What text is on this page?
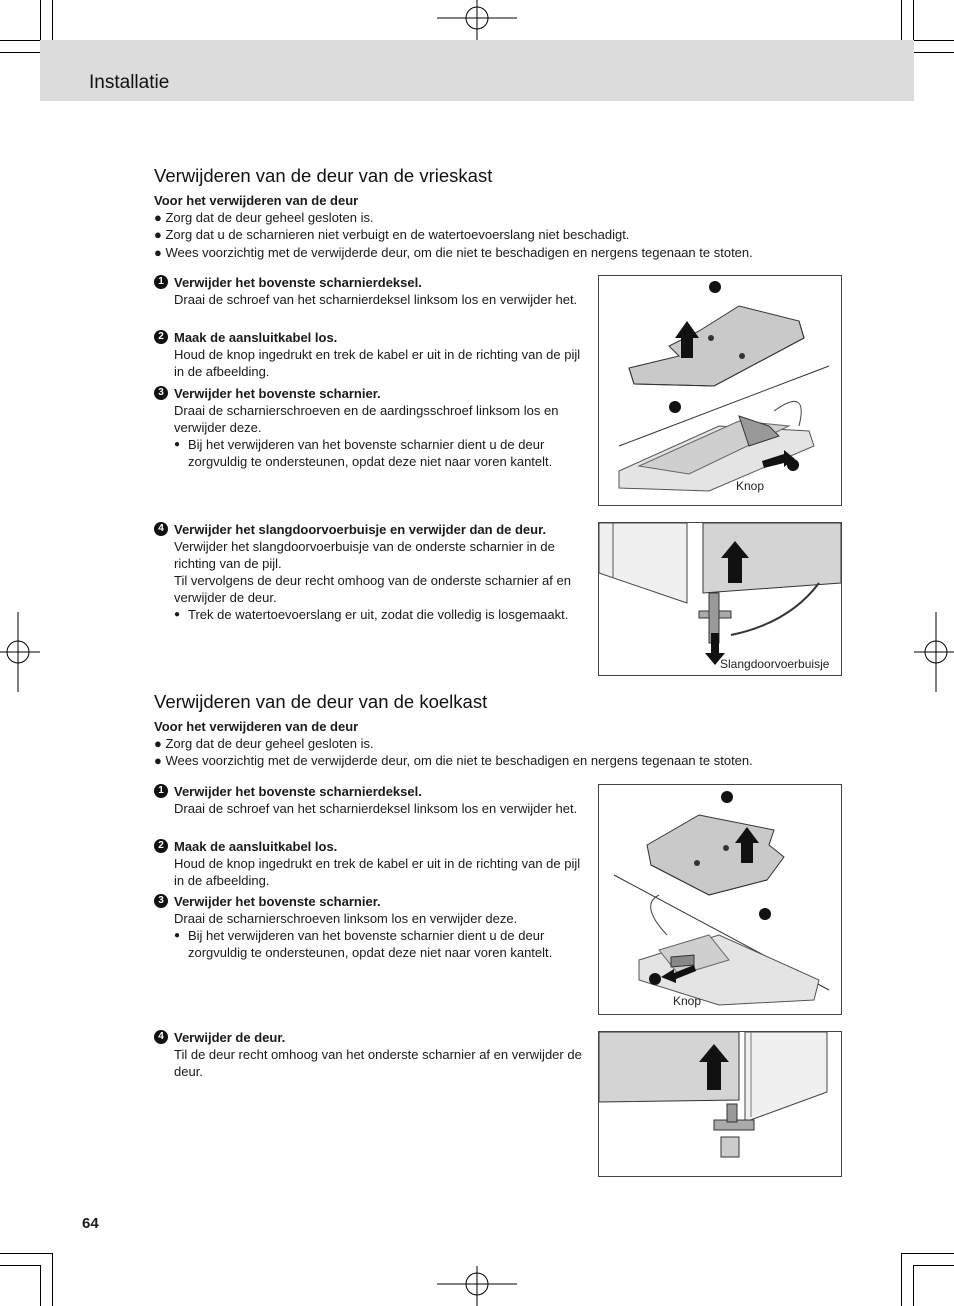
Installatie
Verwijderen van de deur van de vrieskast
Voor het verwijderen van de deur
● Zorg dat de deur geheel gesloten is.
● Zorg dat u de scharnieren niet verbuigt en de watertoevoerslang niet beschadigt.
● Wees voorzichtig met de verwijderde deur, om die niet te beschadigen en nergens tegenaan te stoten.
1 Verwijder het bovenste scharnierdeksel.
Draai de schroef van het scharnierdeksel linksom los en verwijder het.
2 Maak de aansluitkabel los.
Houd de knop ingedrukt en trek de kabel er uit in de richting van de pijl in de afbeelding.
3 Verwijder het bovenste scharnier.
Draai de scharnierschroeven en de aardingsschroef linksom los en verwijder deze.
● Bij het verwijderen van het bovenste scharnier dient u de deur zorgvuldig te ondersteunen, opdat deze niet naar voren kantelt.
4 Verwijder het slangdoorvoerbuisje en verwijder dan de deur.
Verwijder het slangdoorvoerbuisje van de onderste scharnier in de richting van de pijl.
Til vervolgens de deur recht omhoog van de onderste scharnier af en verwijder de deur.
● Trek de watertoevoerslang er uit, zodat die volledig is losgemaakt.
Knop
Slangdoorvoerbuisje
Verwijderen van de deur van de koelkast
Voor het verwijderen van de deur
● Zorg dat de deur geheel gesloten is.
● Wees voorzichtig met de verwijderde deur, om die niet te beschadigen en nergens tegenaan te stoten.
1 Verwijder het bovenste scharnierdeksel.
Draai de schroef van het scharnierdeksel linksom los en verwijder het.
2 Maak de aansluitkabel los.
Houd de knop ingedrukt en trek de kabel er uit in de richting van de pijl in de afbeelding.
3 Verwijder het bovenste scharnier.
Draai de scharnierschroeven linksom los en verwijder deze.
● Bij het verwijderen van het bovenste scharnier dient u de deur zorgvuldig te ondersteunen, opdat deze niet naar voren kantelt.
4 Verwijder de deur.
Til de deur recht omhoog van het onderste scharnier af en verwijder de deur.
Knop
64
